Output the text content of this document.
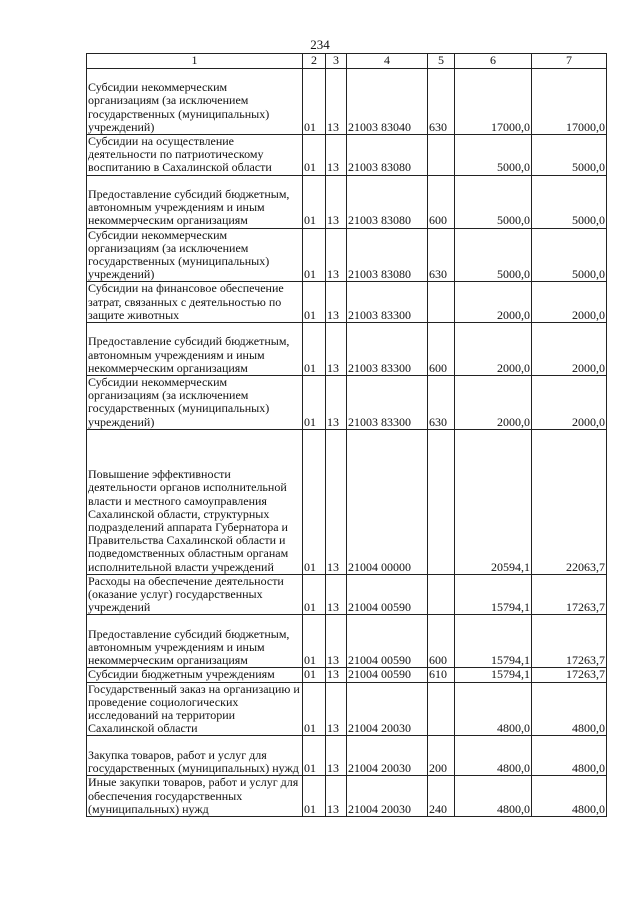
234
1	2	3	4	5	6	7
Субсидии некоммерческим организациям (за исключением государственных (муниципальных) учреждений)	01	13	21003 83040	630	17000,0	17000,0
Субсидии на осуществление деятельности по патриотическому воспитанию в Сахалинской области	01	13	21003 83080		5000,0	5000,0
Предоставление субсидий бюджетным, автономным учреждениям и иным некоммерческим организациям	01	13	21003 83080	600	5000,0	5000,0
Субсидии некоммерческим организациям (за исключением государственных (муниципальных) учреждений)	01	13	21003 83080	630	5000,0	5000,0
Субсидии на финансовое обеспечение затрат, связанных с деятельностью по защите животных	01	13	21003 83300		2000,0	2000,0
Предоставление субсидий бюджетным, автономным учреждениям и иным некоммерческим организациям	01	13	21003 83300	600	2000,0	2000,0
Субсидии некоммерческим организациям (за исключением государственных (муниципальных) учреждений)	01	13	21003 83300	630	2000,0	2000,0
Повышение эффективности деятельности органов исполнительной власти и местного самоуправления Сахалинской области, структурных подразделений аппарата Губернатора и Правительства Сахалинской области и подведомственных областным органам исполнительной власти учреждений	01	13	21004 00000		20594,1	22063,7
Расходы на обеспечение деятельности (оказание услуг) государственных учреждений	01	13	21004 00590		15794,1	17263,7
Предоставление субсидий бюджетным, автономным учреждениям и иным некоммерческим организациям	01	13	21004 00590	600	15794,1	17263,7
Субсидии бюджетным учреждениям	01	13	21004 00590	610	15794,1	17263,7
Государственный заказ на организацию и проведение социологических исследований на территории Сахалинской области	01	13	21004 20030		4800,0	4800,0
Закупка товаров, работ и услуг для государственных (муниципальных) нужд	01	13	21004 20030	200	4800,0	4800,0
Иные закупки товаров, работ и услуг для обеспечения государственных (муниципальных) нужд	01	13	21004 20030	240	4800,0	4800,0
